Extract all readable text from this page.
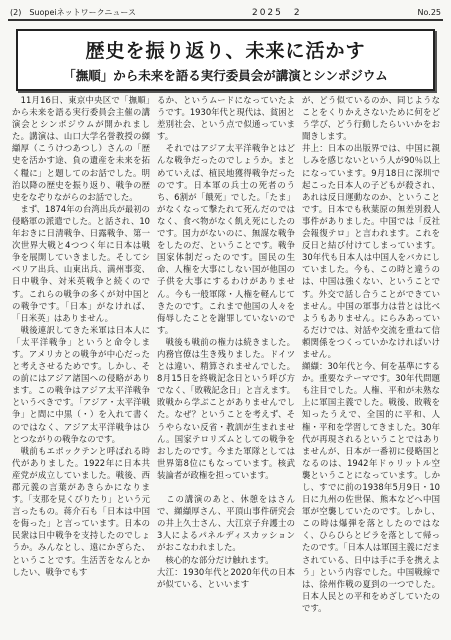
(2)　Suopeiネットワークニュース	2025　2	No.25
歴史を振り返り、未来に活かす
「撫順」から未来を語る実行委員会が講演とシンポジウム
　11月16日、東京中央区で「撫順」から未来を語る実行委員会主催の講演会とシンポジウムが開かれました。講演は、山口大学名誉教授の纐纈厚（こうけつあつし）さんの「歴史を活かす途、負の遺産を未来を拓く糧に」と題してのお話でした。明治以降の歴史を振り返り、戦争の歴史をなぞりながらのお話でした。
　まず、1874年の台湾出兵が最初の侵略軍の派遣でした。と話され、10年おきに日清戦争、日露戦争、第一次世界大戦と4つつく年に日本は戦争を展開していきました。そしてシベリア出兵、山東出兵、満州事変、日中戦争、対米英戦争と続くのです。これらの戦争の多くが対中国との戦争です。「日本」がなければ、「日米英」はありません。
　戦後連訳してきた米軍は日本人に「太平洋戦争」というと命令します。アメリカとの戦争が中心だったと考えさせるためです。しかし、その前にはアジア諸国への侵略があります。この戦争はアジア太平洋戦争というべきです。「アジア・太平洋戦争」と間に中黒（・）を入れて書くのではなく、アジア太平洋戦争はひとつながりの戦争なのです。
　戦前もエポックテンと呼ばれる時代がありました。1922年に日本共産党が成立していました。戦後、西郡元義の言葉があきらかになります。「支那を見くびりたり」という元言ったもの。蒋介石も「日本は中国を侮った」と言っています。日本の民衆は日中戦争を支持したのでしょうか。みんなとし、遠にかぎらた、ということです。生活苦をなんとかしたい、戦争でもす
るか、というムードになっていたようです。1930年代と現代は、貧困と差別社会、という点で似通っています。
　それではアジア太平洋戦争とはどんな戦争だったのでしょうか。まとめていえば、植民地獲得戦争だったのです。日本軍の兵士の死者のうち、6割が「餓死」でした。「たま」がなくなって撃たれて死んだのではなく、食べ物がなく飢え死にしたのです。国力がないのに、無謀な戦争をしたのだ、ということです。戦争国家体制だったのです。国民の生命、人権を大事にしない国が他国の子供を大事にするわけがありません。今も一般軍隊・人権を軽んじてきたのです。これまで他国の人々を侮辱したことを謝罪していないのです。
　戦後も戦前の権力は続きました。内務官僚は生き残りました。ドイツとは違い、精算されませんでした。8月15日を終戦記念日という呼び方でなく、「敗戦記念日」と言えます。敗戦から学ぶことがありませんでした。なぜ？ということを考えず、そうやらない反省・教訓が生まれません。国家テロリズムとしての戦争をおしたのです。今また軍隊としては世界第8位にもなっています。核武装論者が政権を担っています。

　この講演のあと、休憩をはさんで、纐纈厚さん、平頂山事件研究会の井上久士さん、大江京子弁護士の3人によるパネルディスカッションがおこなわれました。
　核心的な部分だけ触れます。
大江：1930年代と2020年代の日本が似ている、といいます
が、どう似ているのか、同じようなことをくりかえさないために何をどう学び、どう行動したらいいかをお聞きします。
井上：日本の出版界では、中国に親しみを感じないという人が90％以上になっています。9月18日に深圳で起こった日本人の子どもが殺され、あれは反日運動なのか、ということです。日本でも秋葉原の無差別殺人事件がありました。中国では「反社会報復テロ」と言われます。これを反日と結び付けてしまっています。30年代も日本人は中国人をバカにしていました。今も、この時と違うのは、中国は強くない、ということです。外交で話し合うことができていません。中国の軍事力は昔とは比べようもありません。にらみあっているだけでは、対話や交流を重ねて信頼関係をつくっていかなければいけません。
纐纈：30年代と今、何を基準にするか。重要なテーマです。30年代問題も注目でした。人権、平和が未熟な上に軍国主義でした。戦後、敗戦を知ったうえで、全国的に平和、人権・平和を学習してきました。30年代が再現されるということではありませんが、日本が一番初に侵略国となるのは、1942年ドゥリットル空襲ということになっています。しかし、すでに前の1938年5月9日・10日に九州の佐世保、熊本などへ中国軍が空襲していたのです。しかし、この時は爆弾を落としたのではなく、ひらひらとビラを落として帰ったのです。「日本人は軍国主義にだまされている、日中は手に手を携えよう」という内容でした。中国戦線では、徐州作戦の夏到の一つでした。日本人民との平和をめざしていたのです。
